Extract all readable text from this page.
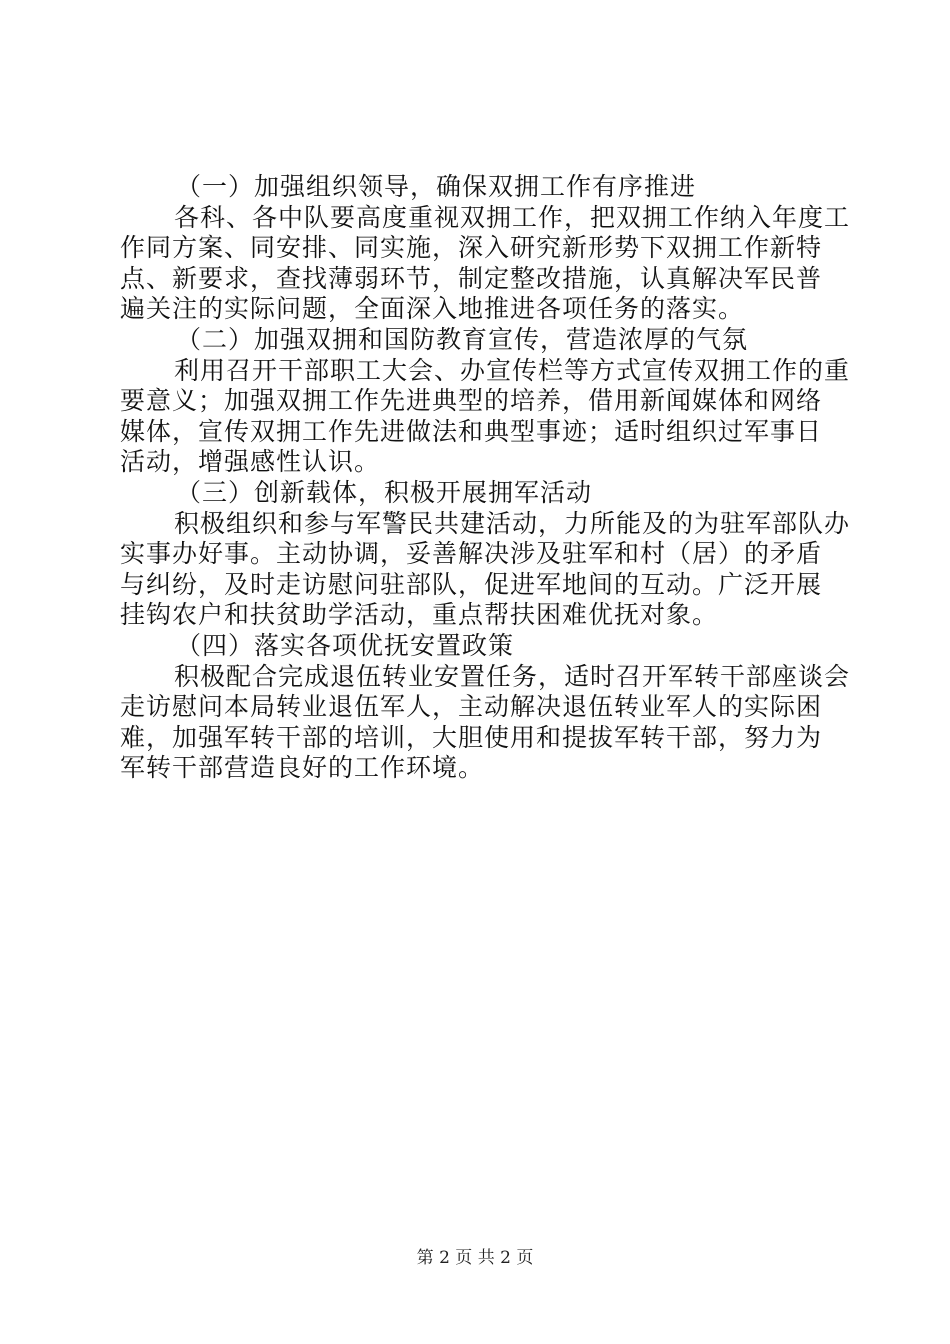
（一）加强组织领导，确保双拥工作有序推进
各科、各中队要高度重视双拥工作，把双拥工作纳入年度工
作同方案、同安排、同实施，深入研究新形势下双拥工作新特
点、新要求，查找薄弱环节，制定整改措施，认真解决军民普
遍关注的实际问题，全面深入地推进各项任务的落实。
（二）加强双拥和国防教育宣传，营造浓厚的气氛
利用召开干部职工大会、办宣传栏等方式宣传双拥工作的重
要意义；加强双拥工作先进典型的培养，借用新闻媒体和网络
媒体，宣传双拥工作先进做法和典型事迹；适时组织过军事日
活动，增强感性认识。
（三）创新载体，积极开展拥军活动
积极组织和参与军警民共建活动，力所能及的为驻军部队办
实事办好事。主动协调，妥善解决涉及驻军和村（居）的矛盾
与纠纷，及时走访慰问驻部队，促进军地间的互动。广泛开展
挂钩农户和扶贫助学活动，重点帮扶困难优抚对象。
（四）落实各项优抚安置政策
积极配合完成退伍转业安置任务，适时召开军转干部座谈会
走访慰问本局转业退伍军人，主动解决退伍转业军人的实际困
难，加强军转干部的培训，大胆使用和提拔军转干部，努力为
军转干部营造良好的工作环境。
第 2 页 共 2 页
